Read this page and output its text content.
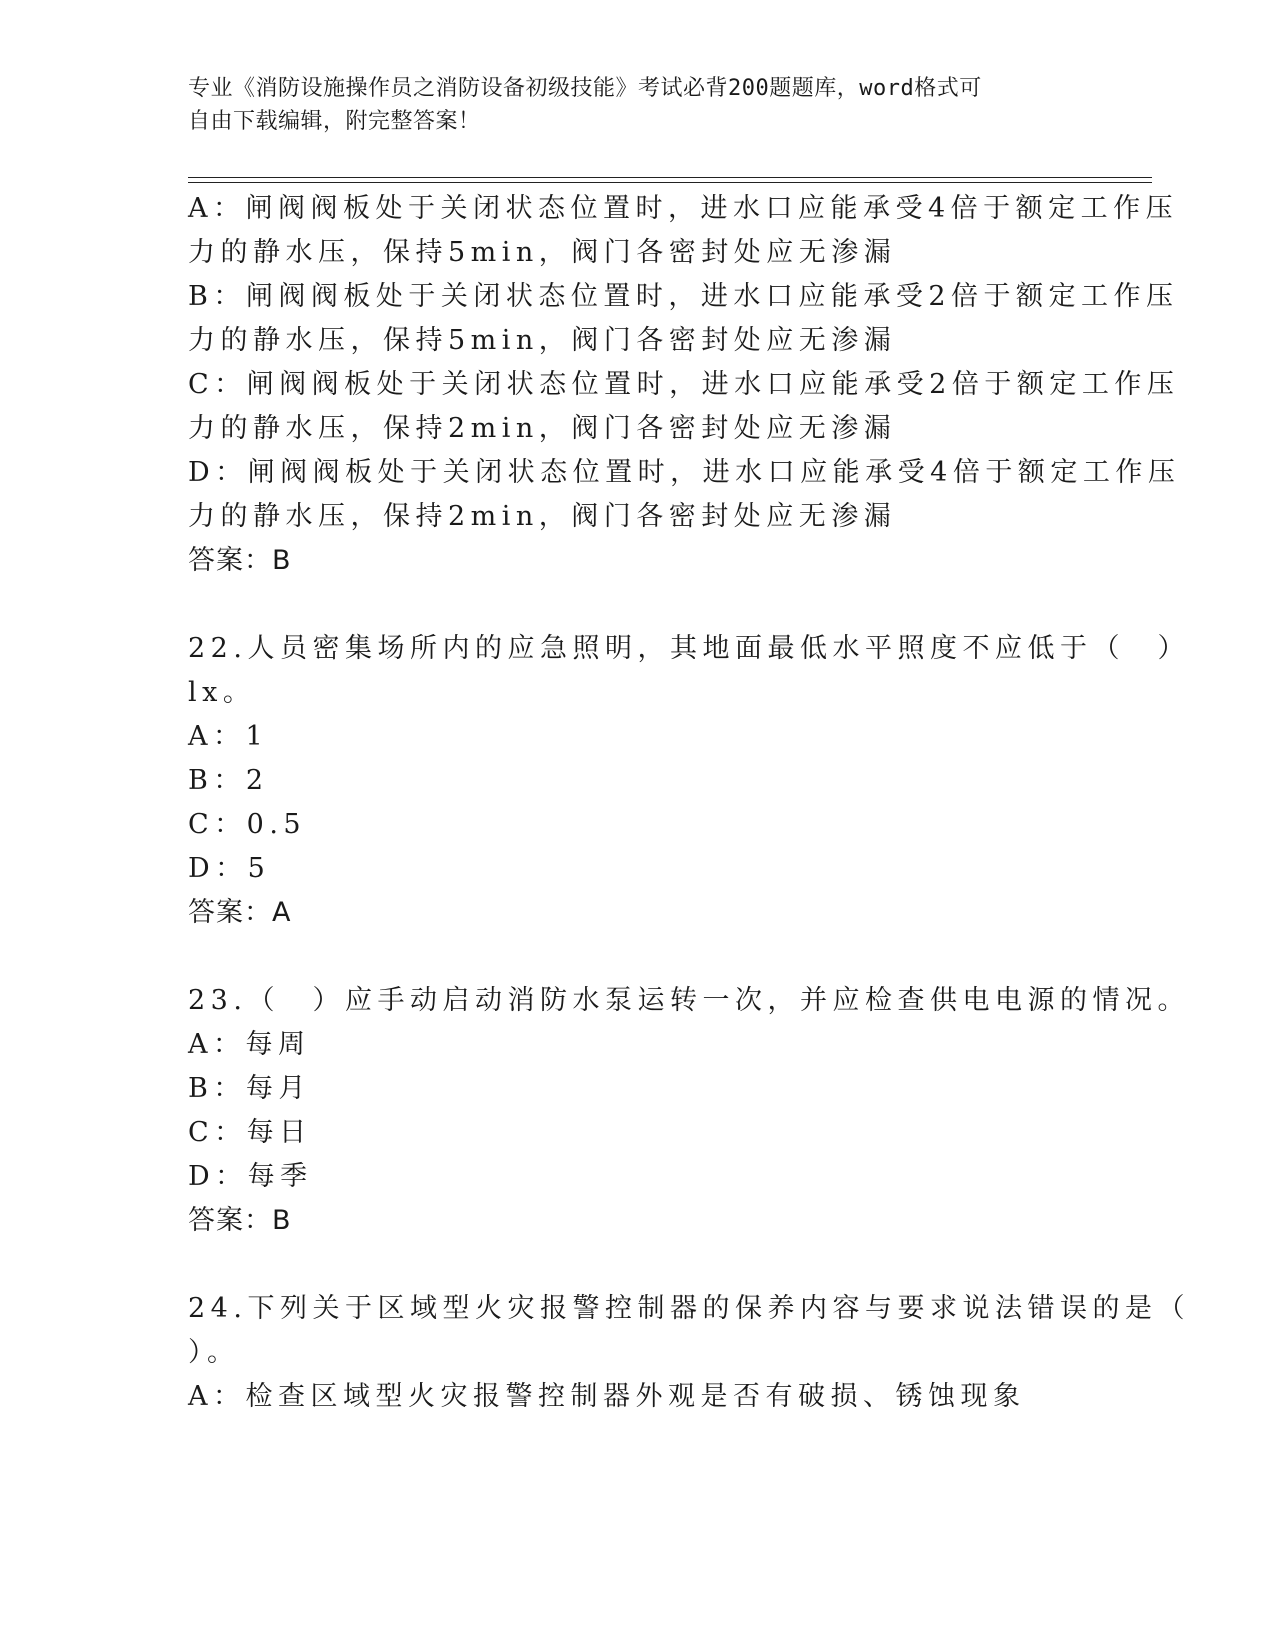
专业《消防设施操作员之消防设备初级技能》考试必背200题题库，word格式可
自由下载编辑，附完整答案！
A：闸阀阀板处于关闭状态位置时，进水口应能承受4倍于额定工作压
力的静水压，保持5min，阀门各密封处应无渗漏
B：闸阀阀板处于关闭状态位置时，进水口应能承受2倍于额定工作压
力的静水压，保持5min，阀门各密封处应无渗漏
C：闸阀阀板处于关闭状态位置时，进水口应能承受2倍于额定工作压
力的静水压，保持2min，阀门各密封处应无渗漏
D：闸阀阀板处于关闭状态位置时，进水口应能承受4倍于额定工作压
力的静水压，保持2min，阀门各密封处应无渗漏
答案：B
22.人员密集场所内的应急照明，其地面最低水平照度不应低于（　）
lx。
A：1
B：2
C：0.5
D：5
答案：A
23.（　）应手动启动消防水泵运转一次，并应检查供电电源的情况。
A：每周
B：每月
C：每日
D：每季
答案：B
24.下列关于区域型火灾报警控制器的保养内容与要求说法错误的是（
）。
A：检查区域型火灾报警控制器外观是否有破损、锈蚀现象
